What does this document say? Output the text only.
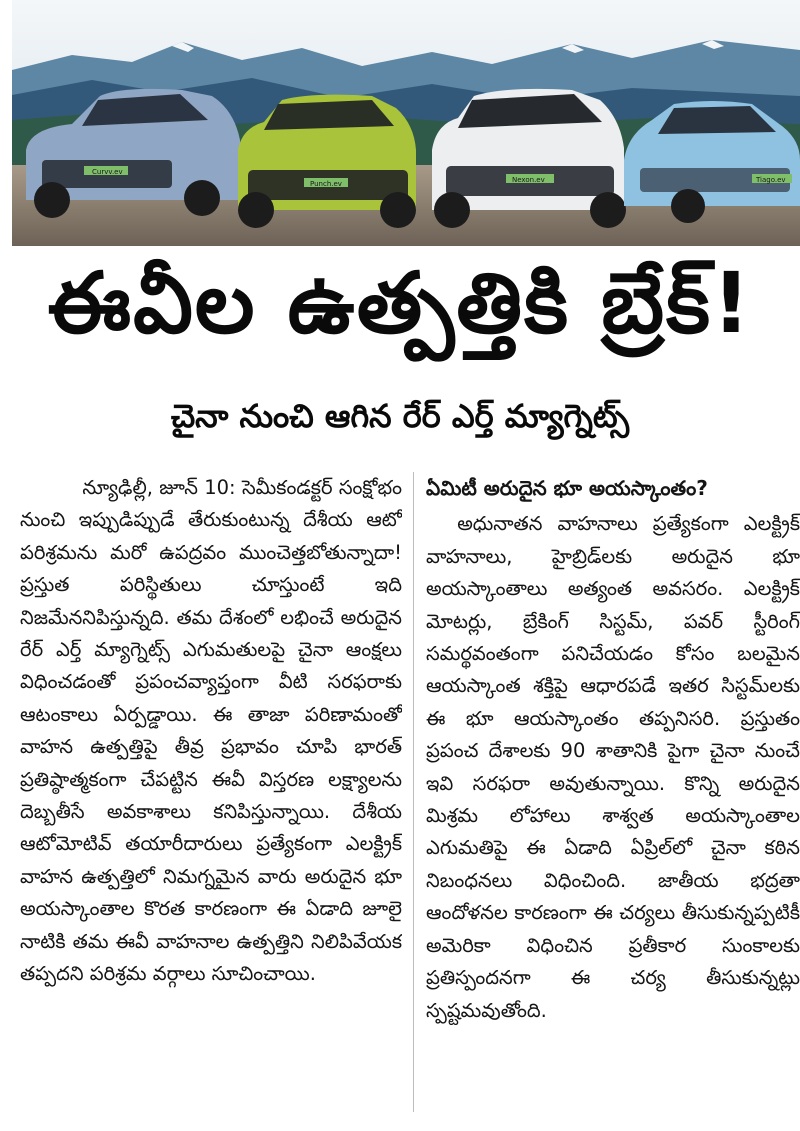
Curvv.ev
Punch.ev	Nexon.ev	Tiago.ev
ఈవీల ఉత్పత్తికి బ్రేక్‌!
చైనా నుంచి ఆగిన రేర్‌ ఎర్త్‌ మ్యాగ్నెట్స్‌

న్యూఢిల్లీ, జూన్‌ 10: సెమీకండక్టర్‌ సంక్షోభం నుంచి ఇప్పుడిప్పుడే తేరుకుంటున్న దేశీయ ఆటో పరిశ్రమను మరో ఉపద్రవం ముంచెత్తబోతున్నాదా! ప్రస్తుత పరిస్థితులు చూస్తుంటే ఇది నిజమేననిపిస్తున్నది. తమ దేశంలో లభించే అరుదైన రేర్‌ ఎర్త్‌ మ్యాగ్నెట్స్‌ ఎగుమతులపై చైనా ఆంక్షలు విధించడంతో ప్రపంచవ్యాప్తంగా వీటి సరఫరాకు ఆటంకాలు ఏర్పడ్డాయి. ఈ తాజా పరిణామంతో వాహన ఉత్పత్తిపై తీవ్ర ప్రభావం చూపి భారత్‌ ప్రతిష్ఠాత్మకంగా చేపట్టిన ఈవీ విస్తరణ లక్ష్యాలను దెబ్బతీసే అవకాశాలు కనిపిస్తున్నాయి. దేశీయ ఆటోమోటివ్‌ తయారీదారులు ప్రత్యేకంగా ఎలక్ట్రిక్‌ వాహన ఉత్పత్తిలో నిమగ్నమైన వారు అరుదైన భూ అయస్కాంతాల కొరత కారణంగా ఈ ఏడాది జూలై నాటికి తమ ఈవీ వాహనాల ఉత్పత్తిని నిలిపివేయక తప్పదని పరిశ్రమ వర్గాలు సూచించాయి.

ఏమిటీ అరుదైన భూ అయస్కాంతం?

అధునాతన వాహనాలు ప్రత్యేకంగా ఎలక్ట్రిక్‌ వాహనాలు, హైబ్రిడ్‌లకు అరుదైన భూ అయస్కాంతాలు అత్యంత అవసరం. ఎలక్ట్రిక్‌ మోటర్లు, బ్రేకింగ్‌ సిస్టమ్‌, పవర్‌ స్టీరింగ్‌ సమర్థవంతంగా పనిచేయడం కోసం బలమైన ఆయస్కాంత శక్తిపై ఆధారపడే ఇతర సిస్టమ్‌లకు ఈ భూ ఆయస్కాంతం తప్పనిసరి. ప్రస్తుతం ప్రపంచ దేశాలకు 90 శాతానికి పైగా చైనా నుంచే ఇవి సరఫరా అవుతున్నాయి. కొన్ని అరుదైన మిశ్రమ లోహాలు శాశ్వత అయస్కాంతాల ఎగుమతిపై ఈ ఏడాది ఏప్రిల్‌లో చైనా కఠిన నిబంధనలు విధించింది. జాతీయ భద్రతా ఆందోళనల కారణంగా ఈ చర్యలు తీసుకున్నప్పటికీ అమెరికా విధించిన ప్రతీకార సుంకాలకు ప్రతిస్పందనగా ఈ చర్య తీసుకున్నట్లు స్పష్టమవుతోంది.
